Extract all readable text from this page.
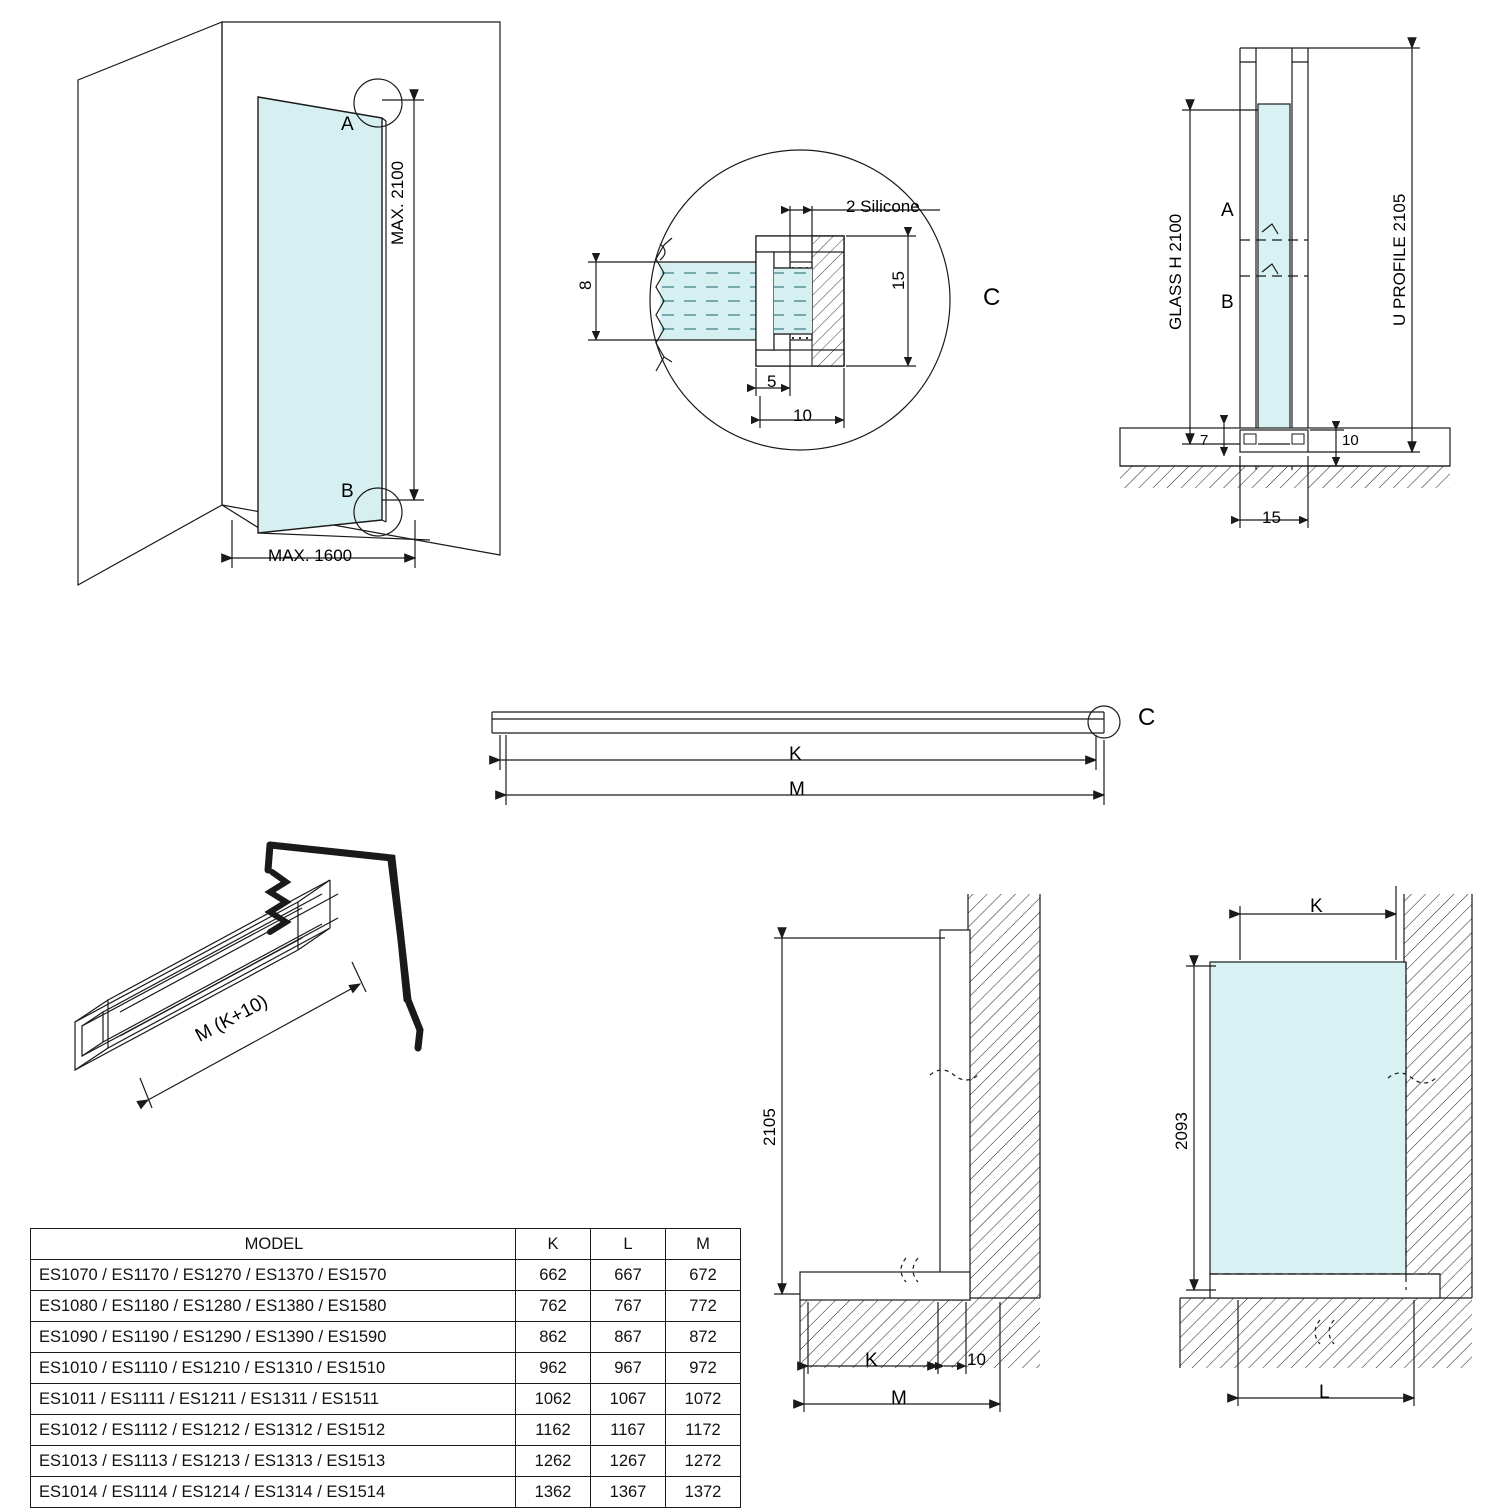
A
B
MAX. 2100
MAX. 1600
2 Silicone
8	15
5
10
C
A
B
GLASS H 2100	U PROFILE 2105
7	10
15
K
M
C
M (K+10)
2105
K	10
M
K
2093
L
MODEL	K	L	M
ES1070 / ES1170 / ES1270 / ES1370 / ES1570	662	667	672
ES1080 / ES1180 / ES1280 / ES1380 / ES1580	762	767	772
ES1090 / ES1190 / ES1290 / ES1390 / ES1590	862	867	872
ES1010 / ES1110 / ES1210 / ES1310 / ES1510	962	967	972
ES1011 / ES1111 / ES1211 / ES1311 / ES1511	1062	1067	1072
ES1012 / ES1112 / ES1212 / ES1312 / ES1512	1162	1167	1172
ES1013 / ES1113 / ES1213 / ES1313 / ES1513	1262	1267	1272
ES1014 / ES1114 / ES1214 / ES1314 / ES1514	1362	1367	1372
